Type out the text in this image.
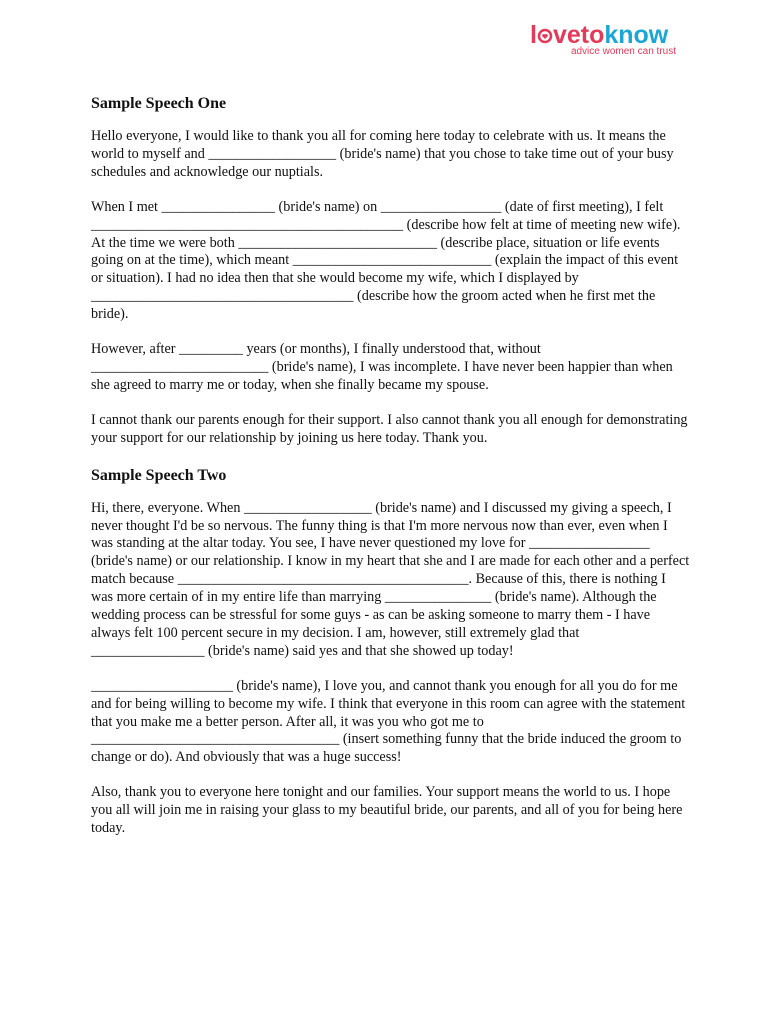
l vetoknow
advice women can trust
Sample Speech One

Hello everyone, I would like to thank you all for coming here today to celebrate with us. It means the world to myself and __________________ (bride's name) that you chose to take time out of your busy schedules and acknowledge our nuptials.

When I met ________________ (bride's name) on _________________ (date of first meeting), I felt ____________________________________________ (describe how felt at time of meeting new wife). At the time we were both ____________________________ (describe place, situation or life events going on at the time), which meant ____________________________ (explain the impact of this event or situation). I had no idea then that she would become my wife, which I displayed by _____________________________________ (describe how the groom acted when he first met the bride).

However, after _________ years (or months), I finally understood that, without _________________________ (bride's name), I was incomplete. I have never been happier than when she agreed to marry me or today, when she finally became my spouse.

I cannot thank our parents enough for their support. I also cannot thank you all enough for demonstrating your support for our relationship by joining us here today. Thank you.

Sample Speech Two

Hi, there, everyone. When __________________ (bride's name) and I discussed my giving a speech, I never thought I'd be so nervous. The funny thing is that I'm more nervous now than ever, even when I was standing at the altar today. You see, I have never questioned my love for _________________ (bride's name) or our relationship. I know in my heart that she and I are made for each other and a perfect match because _________________________________________. Because of this, there is nothing I was more certain of in my entire life than marrying _______________ (bride's name). Although the wedding process can be stressful for some guys - as can be asking someone to marry them - I have always felt 100 percent secure in my decision. I am, however, still extremely glad that ________________ (bride's name) said yes and that she showed up today!

____________________ (bride's name), I love you, and cannot thank you enough for all you do for me and for being willing to become my wife. I think that everyone in this room can agree with the statement that you make me a better person. After all, it was you who got me to ___________________________________ (insert something funny that the bride induced the groom to change or do). And obviously that was a huge success!

Also, thank you to everyone here tonight and our families. Your support means the world to us. I hope you all will join me in raising your glass to my beautiful bride, our parents, and all of you for being here today.
